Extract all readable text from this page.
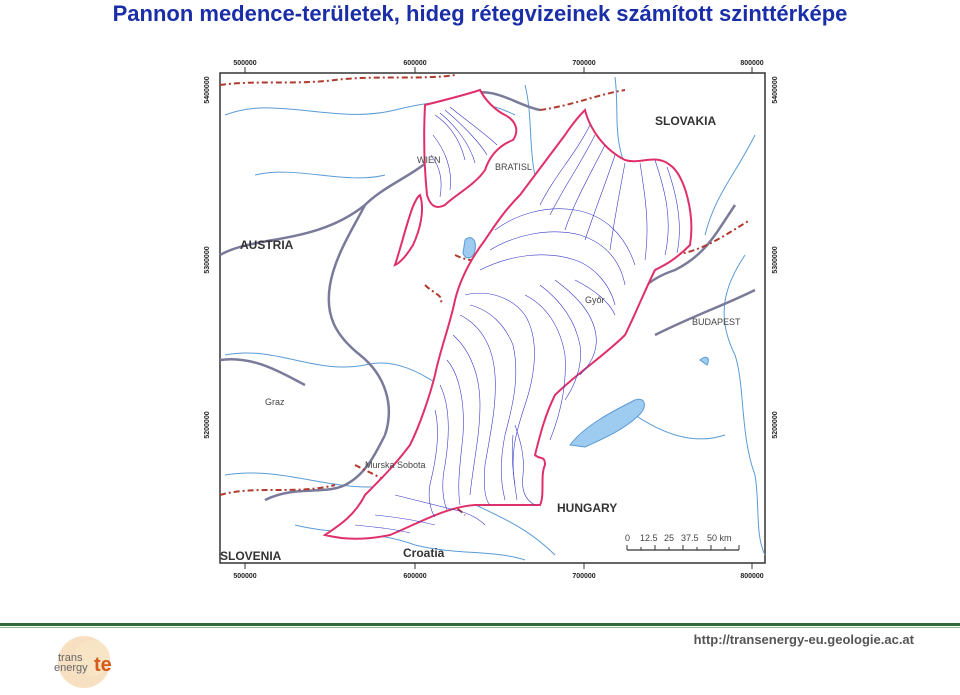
Pannon medence-területek, hideg rétegvizeinek számított szinttérképe
500000	600000	700000	800000
500000	600000	700000	800000
5400000
5300000
5200000
5400000
5300000
5200000
SLOVAKIA
AUSTRIA
HUNGARY
SLOVENIA	Croatia
WIEN
BRATISL
BUDAPEST
Graz
Murska Sobota
Győr
0 12.5 25 37.5 50 km
trans
energy te
http://transenergy-eu.geologie.ac.at
